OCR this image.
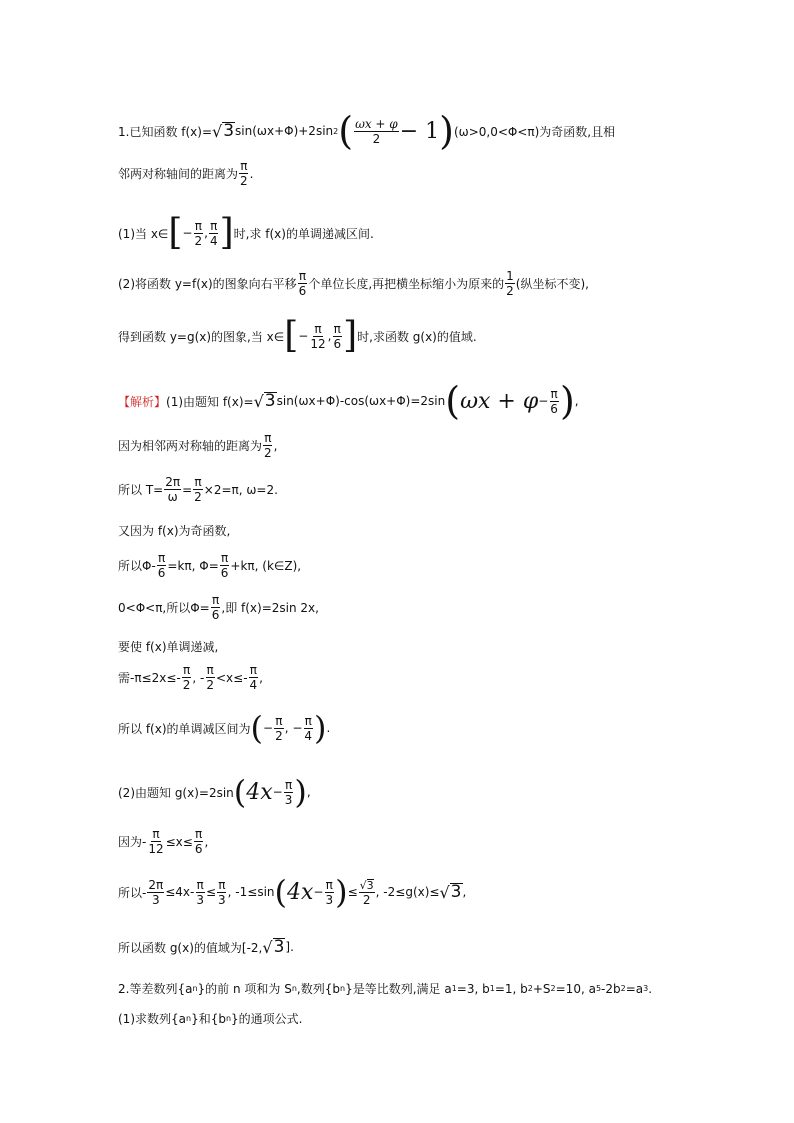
1.已知函数 f(x)= √ 3 sin(ωx+Φ)+2sin 2 ( $\frac{\omega x + \varphi}{2} - 1$ ) (ω>0,0<Φ<π)为奇函数,且相
邻两对称轴间的距离为 $\frac{\pi}{2}$ .
(1)当 x∈ [ − $\frac{\pi}{2}$ , $\frac{\pi}{4}$ ] 时,求 f(x)的单调递减区间.
(2)将函数 y=f(x)的图象向右平移 $\frac{\pi}{6}$ 个单位长度,再把横坐标缩小为原来的 $\frac{1}{2}$ (纵坐标不变),
得到函数 y=g(x)的图象,当 x∈ [ − $\frac{\pi}{12}$ , $\frac{\pi}{6}$ ] 时,求函数 g(x)的值域.
【解析】 (1)由题知 f(x)= √ 3 sin(ωx+Φ)-cos(ωx+Φ)=2sin ( $\omega x + \varphi - \frac{\pi}{6}$ ) ,
因为相邻两对称轴的距离为 $\frac{\pi}{2}$ ,
所以 $T= \frac{2\pi}{\omega} = \frac{\pi}{2} \times 2=\pi$, ω=2.
又因为 f(x)为奇函数,
所以$\Phi- \frac{\pi}{6} =k\pi$, $\Phi= \frac{\pi}{6} +k\pi$, (k∈Z),
0<Φ<π,所以$\Phi= \frac{\pi}{6}$ ,即 f(x)=2sin 2x,
要使 f(x)单调递减,
需$-\pi\le 2x\le- \frac{\pi}{2}$ , - $\frac{\pi}{2} <x\le- \frac{\pi}{4}$ ,
所以 f(x)的单调减区间为 ( − $\frac{\pi}{2}$ , − $\frac{\pi}{4}$ ) .
(2)由题知 g(x)=2sin ( $4x - \frac{\pi}{3}$ ) ,
因为- $\frac{\pi}{12} \le x\le \frac{\pi}{6}$ ,
所以- $\frac{2\pi}{3} \le 4x- \frac{\pi}{3} \le \frac{\pi}{3}$ , -1≤sin ( $4x - \frac{\pi}{3}$ ) ≤ $\frac{√ 3}{2}$ , -2≤g(x)≤ √ 3 ,
所以函数 g(x)的值域为[-2, √ 3 ].
2.等差数列{a n }的前 n 项和为 S n ,数列{b n }是等比数列,满足 a 1 =3, b 1 =1, b 2 +S 2 =10, a 5 -2b 2 =a 3 .
(1)求数列{a n }和{b n }的通项公式.
